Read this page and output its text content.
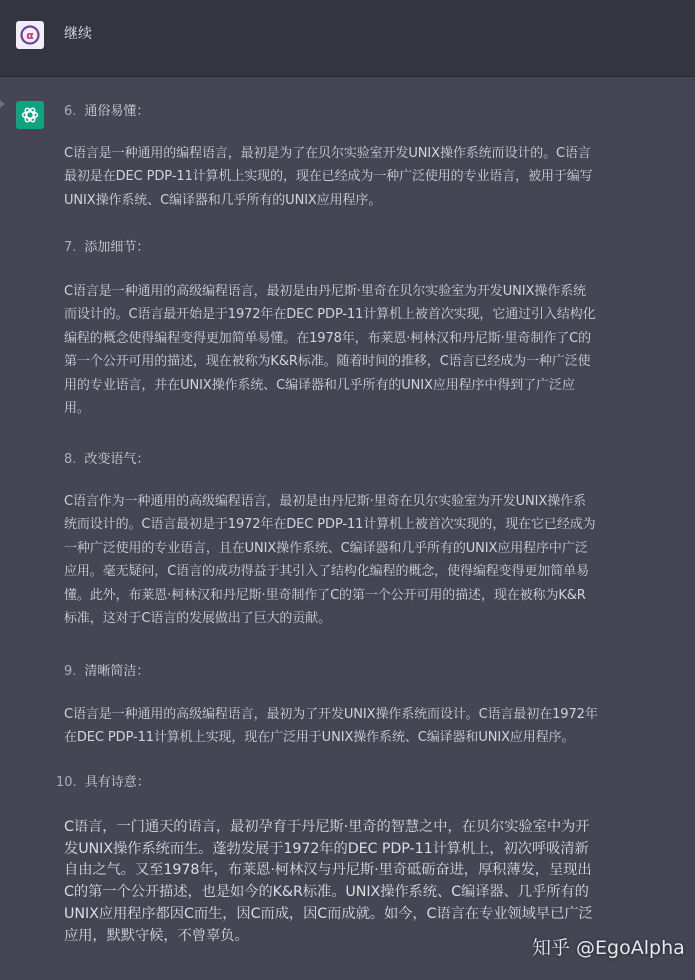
α 继续
6. 通俗易懂：
C语言是一种通用的编程语言，最初是为了在贝尔实验室开发UNIX操作系统而设计的。C语言
最初是在DEC PDP-11计算机上实现的，现在已经成为一种广泛使用的专业语言，被用于编写
UNIX操作系统、C编译器和几乎所有的UNIX应用程序。
7. 添加细节：
C语言是一种通用的高级编程语言，最初是由丹尼斯·里奇在贝尔实验室为开发UNIX操作系统
而设计的。C语言最开始是于1972年在DEC PDP-11计算机上被首次实现，它通过引入结构化
编程的概念使得编程变得更加简单易懂。在1978年，布莱恩·柯林汉和丹尼斯·里奇制作了C的
第一个公开可用的描述，现在被称为K&R标准。随着时间的推移，C语言已经成为一种广泛使
用的专业语言，并在UNIX操作系统、C编译器和几乎所有的UNIX应用程序中得到了广泛应
用。
8. 改变语气：
C语言作为一种通用的高级编程语言，最初是由丹尼斯·里奇在贝尔实验室为开发UNIX操作系
统而设计的。C语言最初是于1972年在DEC PDP-11计算机上被首次实现的，现在它已经成为
一种广泛使用的专业语言，且在UNIX操作系统、C编译器和几乎所有的UNIX应用程序中广泛
应用。毫无疑问，C语言的成功得益于其引入了结构化编程的概念，使得编程变得更加简单易
懂。此外，布莱恩·柯林汉和丹尼斯·里奇制作了C的第一个公开可用的描述，现在被称为K&R
标准，这对于C语言的发展做出了巨大的贡献。
9. 清晰简洁：
C语言是一种通用的高级编程语言，最初为了开发UNIX操作系统而设计。C语言最初在1972年
在DEC PDP-11计算机上实现，现在广泛用于UNIX操作系统、C编译器和UNIX应用程序。
10. 具有诗意：
C语言，一门通天的语言，最初孕育于丹尼斯·里奇的智慧之中，在贝尔实验室中为开
发UNIX操作系统而生。蓬勃发展于1972年的DEC PDP-11计算机上，初次呼吸清新
自由之气。又至1978年，布莱恩·柯林汉与丹尼斯·里奇砥砺奋进，厚积薄发，呈现出
C的第一个公开描述，也是如今的K&R标准。UNIX操作系统、C编译器、几乎所有的
UNIX应用程序都因C而生，因C而成，因C而成就。如今，C语言在专业领域早已广泛
应用，默默守候，不曾辜负。
知乎 @EgoAlpha
